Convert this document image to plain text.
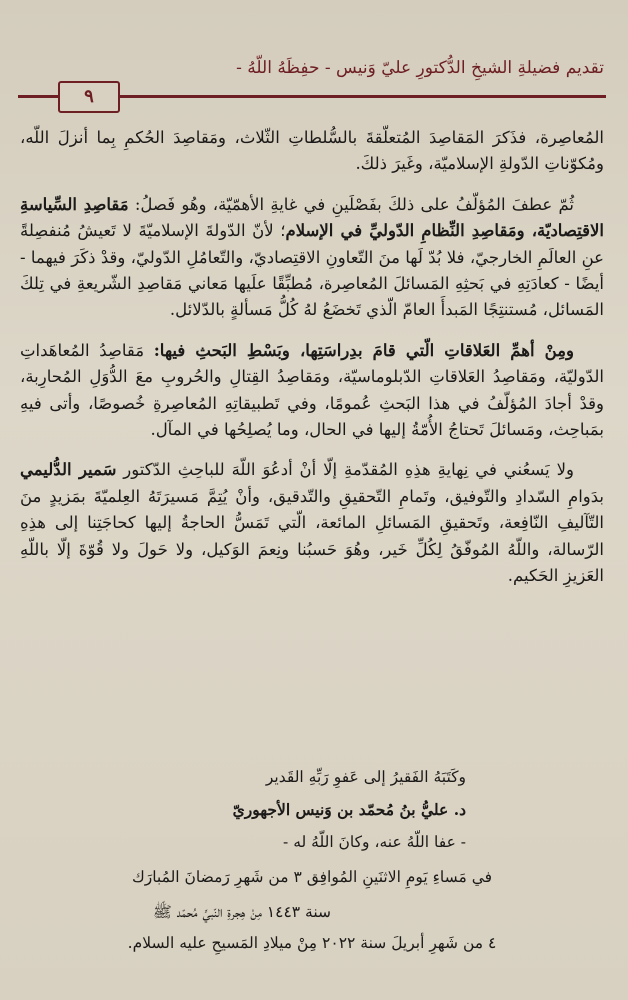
تقديم فضيلةِ الشيخِ الدُّكتورِ عليّ وَنيس - حفِظَهُ اللّهُ -
٩

المُعاصِرة، فذَكرَ المَقاصِدَ المُتعلّقةَ بالسُّلطاتِ الثّلاث، ومَقاصِدَ الحُكمِ بِما أنزلَ اللّه، ومُكوّناتِ الدّولةِ الإسلاميّة، وغَيرَ ذلكَ.

ثُمّ عطفَ المُؤلّفُ على ذلكَ بفَصْلَينِ في غايةِ الأهمّيّة، وهُو فَصلُ: مَقاصِدِ السِّياسةِ الاقتِصاديّة، ومَقاصِدِ النِّظامِ الدّوليِّ في الإسلام؛ لأنّ الدّولةَ الإسلاميّةَ لا تَعيشُ مُنفصِلةً عنِ العالَمِ الخارجيّ، فلا بُدّ لَها منَ التّعاونِ الاقتِصاديّ، والتّعامُلِ الدّوليّ، وقدْ ذكَرَ فيهما - أيضًا - كعادَتِهِ في بَحثِهِ المَسائلَ المُعاصِرة، مُطبِّقًا علَيها مَعاني مَقاصِدِ الشّريعةِ في تِلكَ المَسائل، مُستنتِجًا المَبدأَ العامّ الّذي تَخضَعُ لهُ كُلُّ مَسألةٍ بالدّلائل.

ومِنْ أهمِّ العَلاقاتِ الّتي قامَ بدِراسَتِها، وبَسْطِ البَحثِ فيها: مَقاصِدُ المُعاهَداتِ الدّوليّة، ومَقاصِدُ العَلاقاتِ الدّبلوماسيّة، ومَقاصِدُ القِتالِ والحُروبِ معَ الدُّوَلِ المُحارِبة، وقدْ أجادَ المُؤلّفُ في هذا البَحثِ عُمومًا، وفي تَطبيقاتِهِ المُعاصِرةِ خُصوصًا، وأتى فيهِ بمَباحِث، ومَسائلَ تَحتاجُ الأُمّةُ إليها في الحال، وما يُصلِحُها في المآل.

ولا يَسعُني في نِهايةِ هذِهِ المُقدّمةِ إلّا أنْ أدعُوَ اللّهَ للباحِثِ الدّكتور سَمير الدُّليمي بدَوامِ السّدادِ والتّوفيق، وتَمامِ التّحقيقِ والتّدقيق، وأنْ يُتِمَّ مَسيرَتَهُ العِلميّةَ بمَزيدٍ منَ التّآليفِ النّافِعة، وتَحقيقِ المَسائلِ المائعة، الّتي تَمَسُّ الحاجةُ إليها كحاجَتِنا إلى هذِهِ الرّسالة، واللّهُ المُوفّقُ لِكُلِّ خَير، وهُوَ حَسبُنا ونِعمَ الوَكيل، ولا حَولَ ولا قُوّةَ إلّا باللّهِ العَزيزِ الحَكيم.

وكَتَبَهُ الفَقيرُ إلى عَفوِ رَبِّهِ القَدير
د. عليُّ بنُ مُحمّد بن وَنيس الأجهوريّ
- عفا اللّهُ عنه، وكانَ اللّهُ له -
في مَساءِ يَومِ الاثنَينِ المُوافِق ٣ من شَهرِ رَمضانَ المُبارَك
سنة ١٤٤٣ مِنْ هِجرةِ النّبيِّ مُحمّد ﷺ
٤ من شَهرِ أبريلَ سنة ٢٠٢٢ مِنْ ميلادِ المَسيحِ عليه السلام.
